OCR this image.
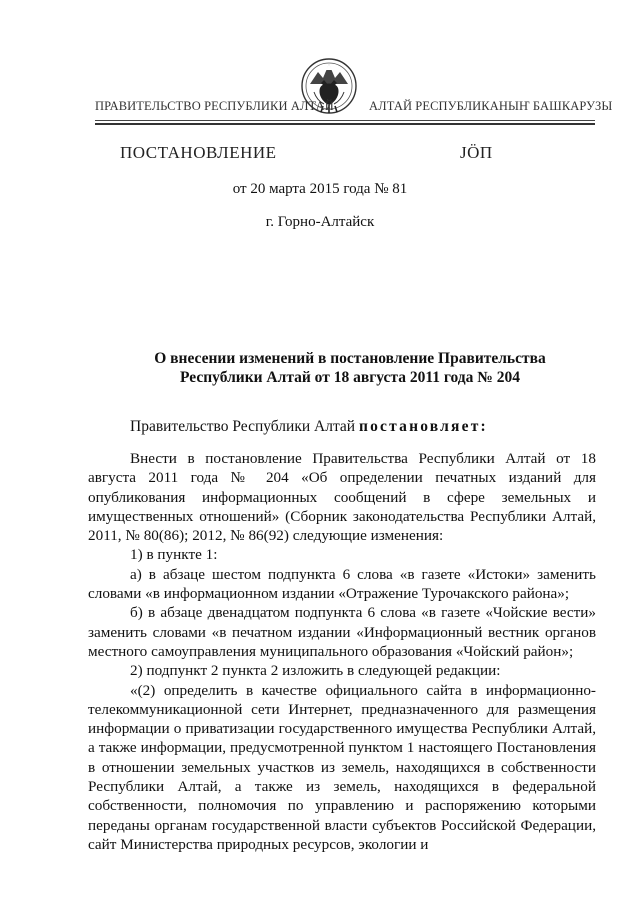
ПРАВИТЕЛЬСТВО РЕСПУБЛИКИ АЛТАЙ	АЛТАЙ РЕСПУБЛИКАНЫҤ БАШКАРУЗЫ
ПОСТАНОВЛЕНИЕ	JÖП
от 20 марта 2015 года № 81
г. Горно-Алтайск
О внесении изменений в постановление Правительства
Республики Алтай от 18 августа 2011 года № 204
Правительство Республики Алтай постановляет:

Внести в постановление Правительства Республики Алтай от 18 августа 2011 года № 204 «Об определении печатных изданий для опубликования информационных сообщений в сфере земельных и имущественных отношений» (Сборник законодательства Республики Алтай, 2011, № 80(86); 2012, № 86(92) следующие изменения:

1) в пункте 1:

а) в абзаце шестом подпункта 6 слова «в газете «Истоки» заменить словами «в информационном издании «Отражение Турочакского района»;

б) в абзаце двенадцатом подпункта 6 слова «в газете «Чойские вести» заменить словами «в печатном издании «Информационный вестник органов местного самоуправления муниципального образования «Чойский район»;

2) подпункт 2 пункта 2 изложить в следующей редакции:

«(2) определить в качестве официального сайта в информационно-телекоммуникационной сети Интернет, предназначенного для размещения информации о приватизации государственного имущества Республики Алтай, а также информации, предусмотренной пунктом 1 настоящего Постановления в отношении земельных участков из земель, находящихся в собственности Республики Алтай, а также из земель, находящихся в федеральной собственности, полномочия по управлению и распоряжению которыми переданы органам государственной власти субъектов Российской Федерации, сайт Министерства природных ресурсов, экологии и
